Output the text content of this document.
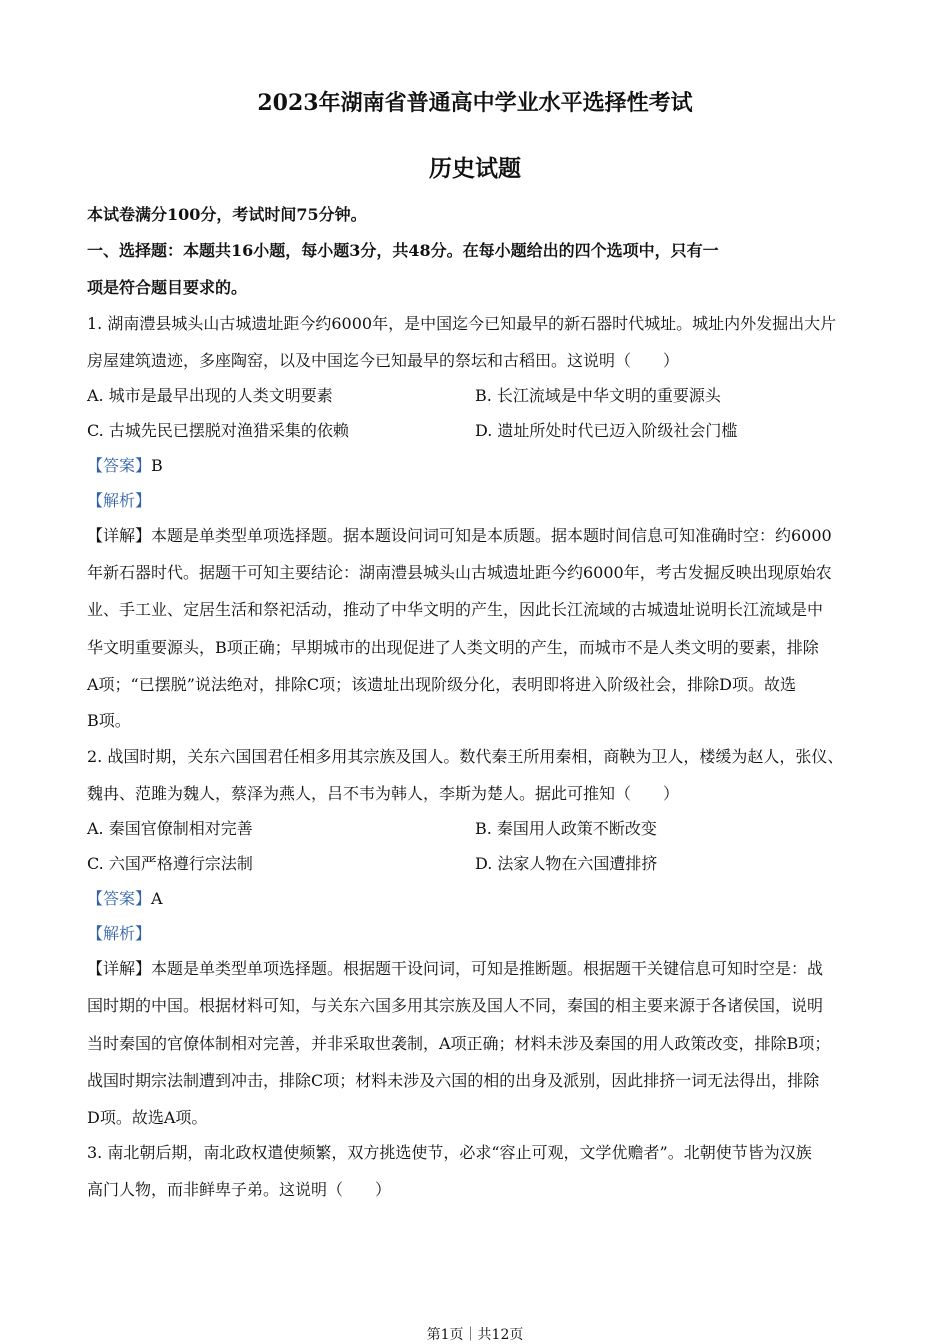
2023年湖南省普通高中学业水平选择性考试
历史试题
本试卷满分100分，考试时间75分钟。
一、选择题：本题共16小题，每小题3分，共48分。在每小题给出的四个选项中，只有一
项是符合题目要求的。
1. 湖南澧县城头山古城遗址距今约6000年，是中国迄今已知最早的新石器时代城址。城址内外发掘出大片
房屋建筑遗迹，多座陶窑，以及中国迄今已知最早的祭坛和古稻田。这说明（　　）
A. 城市是最早出现的人类文明要素	B. 长江流域是中华文明的重要源头
C. 古城先民已摆脱对渔猎采集的依赖	D. 遗址所处时代已迈入阶级社会门槛
【答案】B
【解析】
【详解】本题是单类型单项选择题。据本题设问词可知是本质题。据本题时间信息可知准确时空：约6000
年新石器时代。据题干可知主要结论：湖南澧县城头山古城遗址距今约6000年，考古发掘反映出现原始农
业、手工业、定居生活和祭祀活动，推动了中华文明的产生，因此长江流域的古城遗址说明长江流域是中
华文明重要源头，B项正确；早期城市的出现促进了人类文明的产生，而城市不是人类文明的要素，排除
A项；“已摆脱”说法绝对，排除C项；该遗址出现阶级分化，表明即将进入阶级社会，排除D项。故选
B项。
2. 战国时期，关东六国国君任相多用其宗族及国人。数代秦王所用秦相，商鞅为卫人，楼缓为赵人，张仪、
魏冉、范雎为魏人，蔡泽为燕人，吕不韦为韩人，李斯为楚人。据此可推知（　　）
A. 秦国官僚制相对完善	B. 秦国用人政策不断改变
C. 六国严格遵行宗法制	D. 法家人物在六国遭排挤
【答案】A
【解析】
【详解】本题是单类型单项选择题。根据题干设问词，可知是推断题。根据题干关键信息可知时空是：战
国时期的中国。根据材料可知，与关东六国多用其宗族及国人不同，秦国的相主要来源于各诸侯国，说明
当时秦国的官僚体制相对完善，并非采取世袭制，A项正确；材料未涉及秦国的用人政策改变，排除B项；
战国时期宗法制遭到冲击，排除C项；材料未涉及六国的相的出身及派别，因此排挤一词无法得出，排除
D项。故选A项。
3. 南北朝后期，南北政权遣使频繁，双方挑选使节，必求“容止可观，文学优赡者”。北朝使节皆为汉族
高门人物，而非鲜卑子弟。这说明（　　）
第1页｜共12页
